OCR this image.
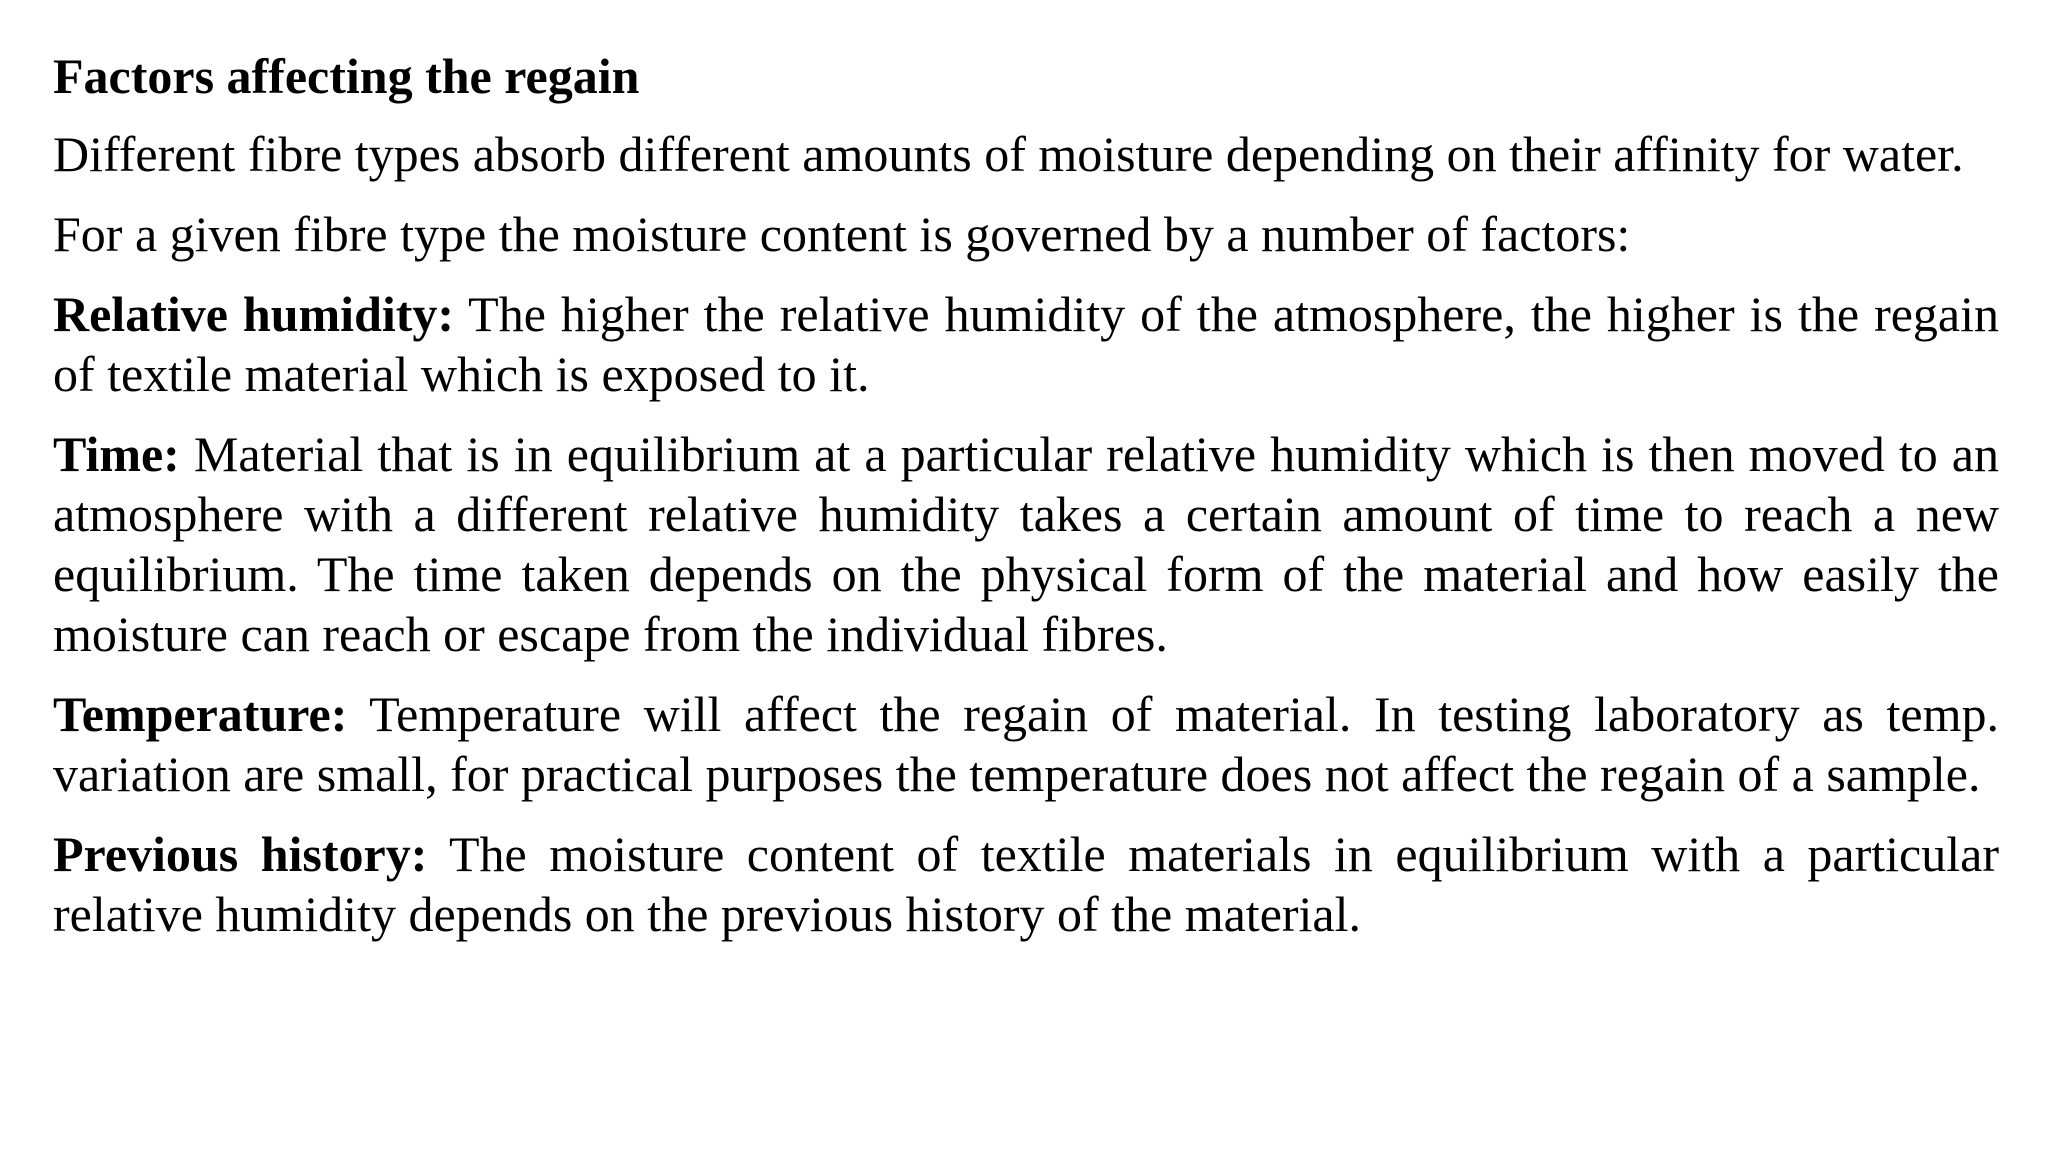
Factors affecting the regain

Different fibre types absorb different amounts of moisture depending on their affinity for water.

For a given fibre type the moisture content is governed by a number of factors:

Relative humidity: The higher the relative humidity of the atmosphere, the higher is the regain of textile material which is exposed to it.

Time: Material that is in equilibrium at a particular relative humidity which is then moved to an atmosphere with a different relative humidity takes a certain amount of time to reach a new equilibrium. The time taken depends on the physical form of the material and how easily the moisture can reach or escape from the individual fibres.

Temperature: Temperature will affect the regain of material. In testing laboratory as temp. variation are small, for practical purposes the temperature does not affect the regain of a sample.

Previous history: The moisture content of textile materials in equilibrium with a particular relative humidity depends on the previous history of the material.
